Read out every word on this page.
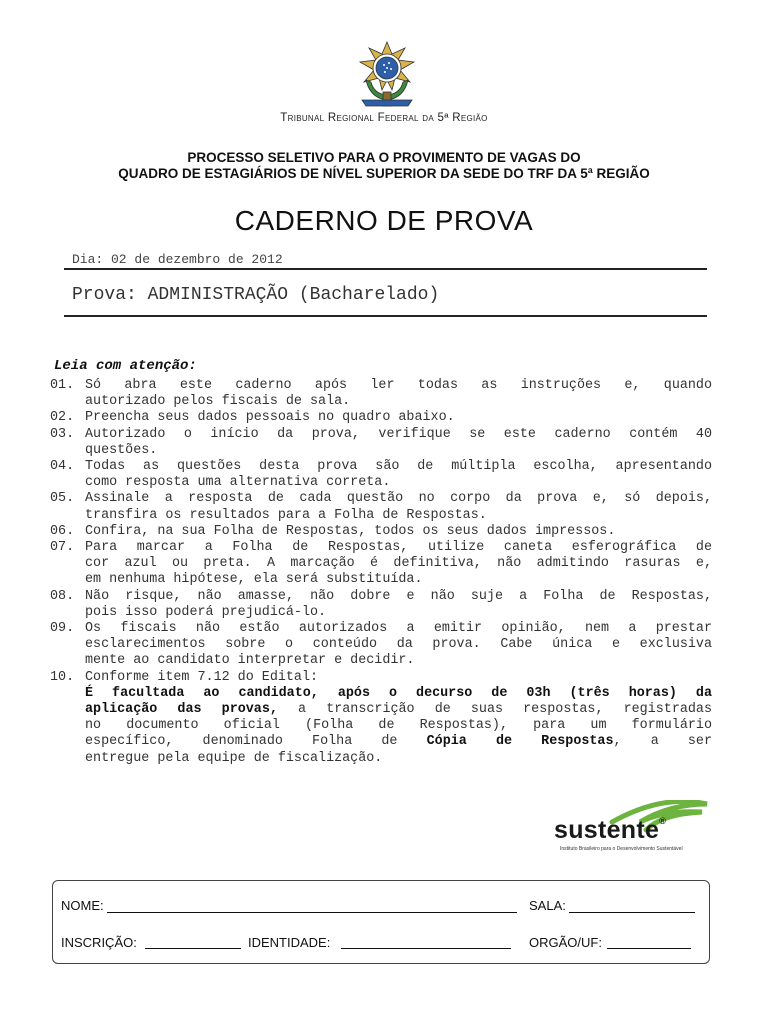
Tribunal Regional Federal da 5ª Região
PROCESSO SELETIVO PARA O PROVIMENTO DE VAGAS DO
QUADRO DE ESTAGIÁRIOS DE NÍVEL SUPERIOR DA SEDE DO TRF DA 5ª REGIÃO
CADERNO DE PROVA
Dia: 02 de dezembro de 2012
Prova: ADMINISTRAÇÃO (Bacharelado)
Leia com atenção:
01. Só abra este caderno após ler todas as instruções e, quando
autorizado pelos fiscais de sala.
02. Preencha seus dados pessoais no quadro abaixo.
03. Autorizado o início da prova, verifique se este caderno contém 40
questões.
04. Todas as questões desta prova são de múltipla escolha, apresentando
como resposta uma alternativa correta.
05. Assinale a resposta de cada questão no corpo da prova e, só depois,
transfira os resultados para a Folha de Respostas.
06. Confira, na sua Folha de Respostas, todos os seus dados impressos.
07. Para marcar a Folha de Respostas, utilize caneta esferográfica de
cor azul ou preta. A marcação é definitiva, não admitindo rasuras e,
em nenhuma hipótese, ela será substituída.
08. Não risque, não amasse, não dobre e não suje a Folha de Respostas,
pois isso poderá prejudicá-lo.
09. Os fiscais não estão autorizados a emitir opinião, nem a prestar
esclarecimentos sobre o conteúdo da prova. Cabe única e exclusiva
mente ao candidato interpretar e decidir.
10. Conforme item 7.12 do Edital:
É facultada ao candidato, após o decurso de 03h (três horas) da
aplicação das provas, a transcrição de suas respostas, registradas
no documento oficial (Folha de Respostas), para um formulário
específico, denominado Folha de Cópia de Respostas, a ser
entregue pela equipe de fiscalização.
sustente®
Instituto Brasileiro para o Desenvolvimento Sustentável
NOME:	SALA:
INSCRIÇÃO:	IDENTIDADE:	ORGÃO/UF:
